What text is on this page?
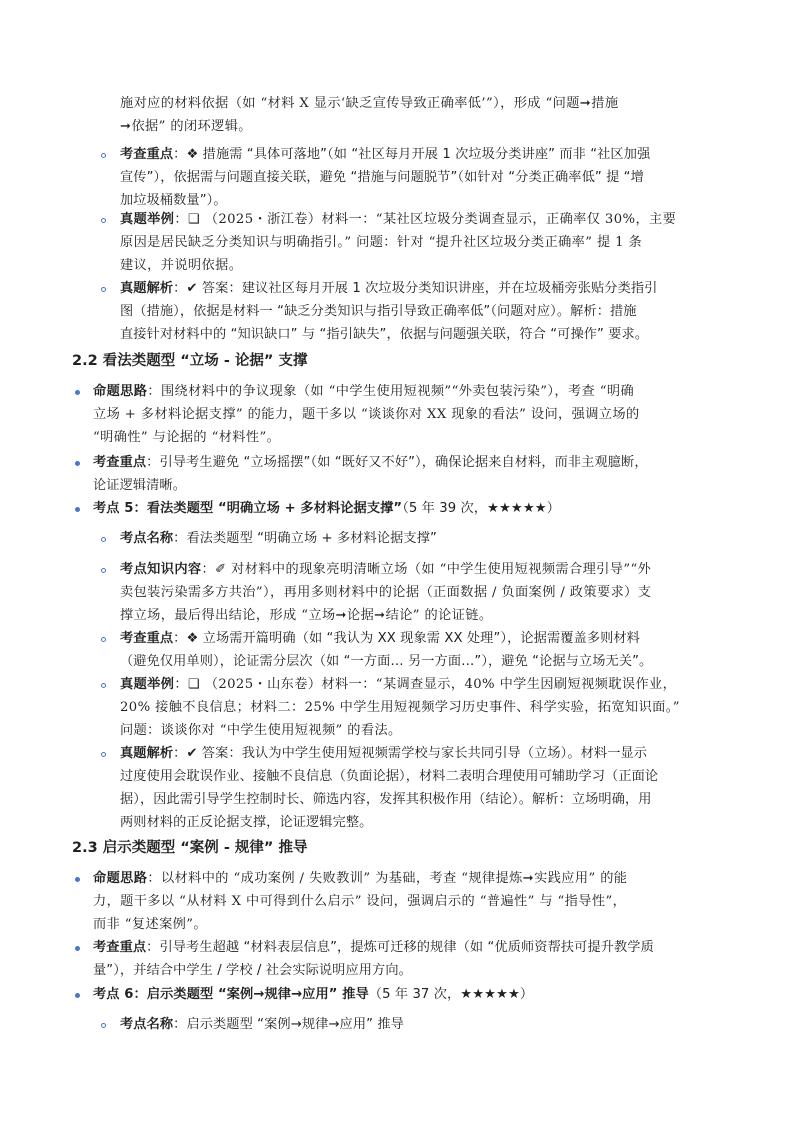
施对应的材料依据（如 “材料 X 显示‘缺乏宣传导致正确率低’”），形成 “问题➞措施
➞依据” 的闭环逻辑。
考查重点：❖ 措施需 “具体可落地”（如 “社区每月开展 1 次垃圾分类讲座” 而非 “社区加强
宣传”），依据需与问题直接关联，避免 “措施与问题脱节”（如针对 “分类正确率低” 提 “增
加垃圾桶数量”）。
真题举例：❑ （2025・浙江卷）材料一：“某社区垃圾分类调查显示，正确率仅 30%，主要
原因是居民缺乏分类知识与明确指引。” 问题：针对 “提升社区垃圾分类正确率” 提 1 条
建议，并说明依据。
真题解析：✔ 答案：建议社区每月开展 1 次垃圾分类知识讲座，并在垃圾桶旁张贴分类指引
图（措施），依据是材料一 “缺乏分类知识与指引导致正确率低”（问题对应）。解析：措施
直接针对材料中的 “知识缺口” 与 “指引缺失”，依据与问题强关联，符合 “可操作” 要求。
2.2 看法类题型 “立场 - 论据” 支撑
命题思路：围绕材料中的争议现象（如 “中学生使用短视频”“外卖包装污染”），考查 “明确
立场 + 多材料论据支撑” 的能力，题干多以 “谈谈你对 XX 现象的看法” 设问，强调立场的
“明确性” 与论据的 “材料性”。
考查重点：引导考生避免 “立场摇摆”（如 “既好又不好”），确保论据来自材料，而非主观臆断，
论证逻辑清晰。
考点 5：看法类题型 “明确立场 + 多材料论据支撑”（5 年 39 次，★★★★★）
考点名称：看法类题型 “明确立场 + 多材料论据支撑”
考点知识内容：✐ 对材料中的现象亮明清晰立场（如 “中学生使用短视频需合理引导”“外
卖包装污染需多方共治”），再用多则材料中的论据（正面数据 / 负面案例 / 政策要求）支
撑立场，最后得出结论，形成 “立场➞论据➞结论” 的论证链。
考查重点：❖ 立场需开篇明确（如 “我认为 XX 现象需 XX 处理”），论据需覆盖多则材料
（避免仅用单则），论证需分层次（如 “一方面… 另一方面…”），避免 “论据与立场无关”。
真题举例：❑ （2025・山东卷）材料一：“某调查显示，40% 中学生因刷短视频耽误作业，
20% 接触不良信息；材料二：25% 中学生用短视频学习历史事件、科学实验，拓宽知识面。”
问题：谈谈你对 “中学生使用短视频” 的看法。
真题解析：✔ 答案：我认为中学生使用短视频需学校与家长共同引导（立场）。材料一显示
过度使用会耽误作业、接触不良信息（负面论据），材料二表明合理使用可辅助学习（正面论
据），因此需引导学生控制时长、筛选内容，发挥其积极作用（结论）。解析：立场明确，用
两则材料的正反论据支撑，论证逻辑完整。
2.3 启示类题型 “案例 - 规律” 推导
命题思路：以材料中的 “成功案例 / 失败教训” 为基础，考查 “规律提炼➞实践应用” 的能
力，题干多以 “从材料 X 中可得到什么启示” 设问，强调启示的 “普遍性” 与 “指导性”，
而非 “复述案例”。
考查重点：引导考生超越 “材料表层信息”，提炼可迁移的规律（如 “优质师资帮扶可提升教学质
量”），并结合中学生 / 学校 / 社会实际说明应用方向。
考点 6：启示类题型 “案例→规律→应用” 推导（5 年 37 次，★★★★★）
考点名称：启示类题型 “案例→规律→应用” 推导
